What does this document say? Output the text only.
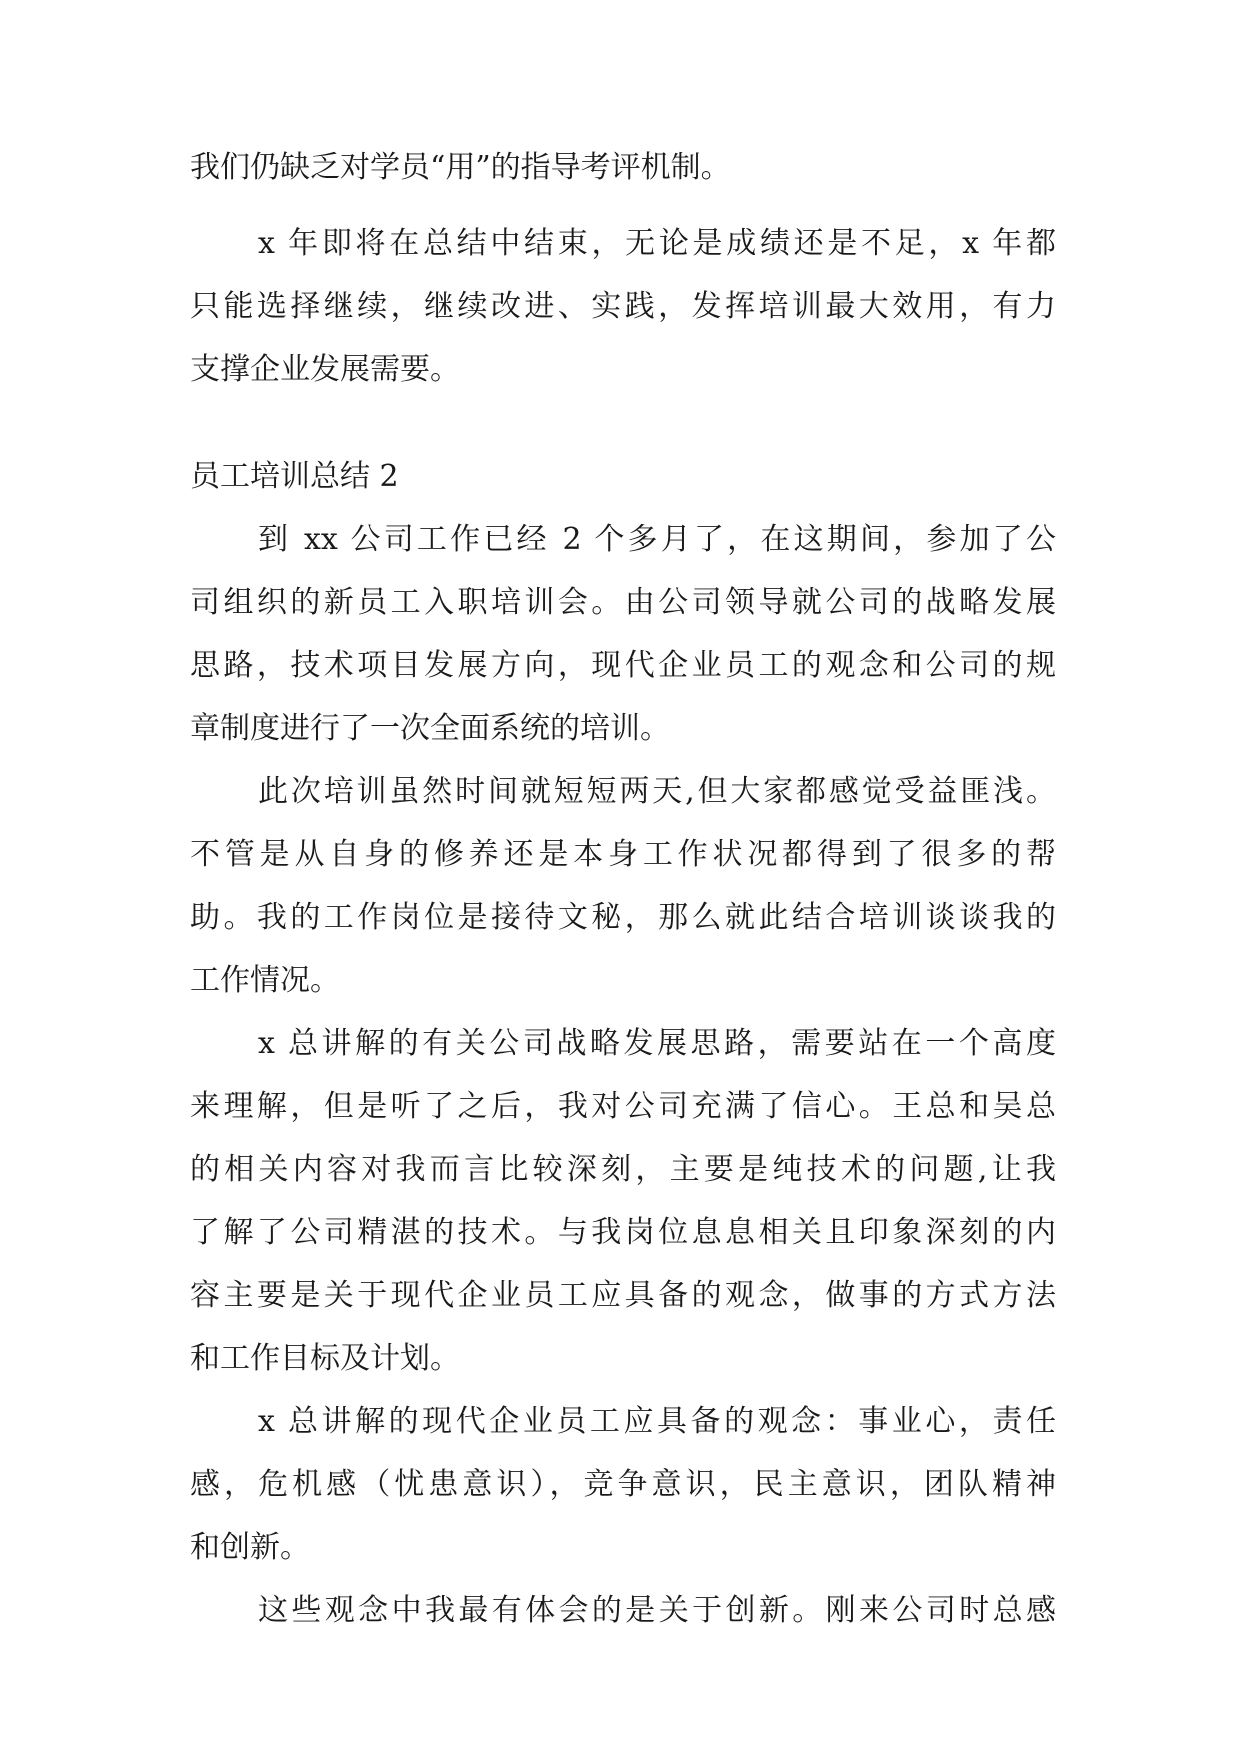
我们仍缺乏对学员“用”的指导考评机制。
x 年即将在总结中结束，无论是成绩还是不足，x 年都
只能选择继续，继续改进、实践，发挥培训最大效用，有力
支撑企业发展需要。
员工培训总结 2
到 xx 公司工作已经 2 个多月了，在这期间，参加了公
司组织的新员工入职培训会。由公司领导就公司的战略发展
思路，技术项目发展方向，现代企业员工的观念和公司的规
章制度进行了一次全面系统的培训。
此次培训虽然时间就短短两天,但大家都感觉受益匪浅。
不管是从自身的修养还是本身工作状况都得到了很多的帮
助。我的工作岗位是接待文秘，那么就此结合培训谈谈我的
工作情况。
x 总讲解的有关公司战略发展思路，需要站在一个高度
来理解，但是听了之后，我对公司充满了信心。王总和吴总
的相关内容对我而言比较深刻，主要是纯技术的问题,让我
了解了公司精湛的技术。与我岗位息息相关且印象深刻的内
容主要是关于现代企业员工应具备的观念，做事的方式方法
和工作目标及计划。
x 总讲解的现代企业员工应具备的观念：事业心，责任
感，危机感（忧患意识），竞争意识，民主意识，团队精神
和创新。
这些观念中我最有体会的是关于创新。刚来公司时总感
